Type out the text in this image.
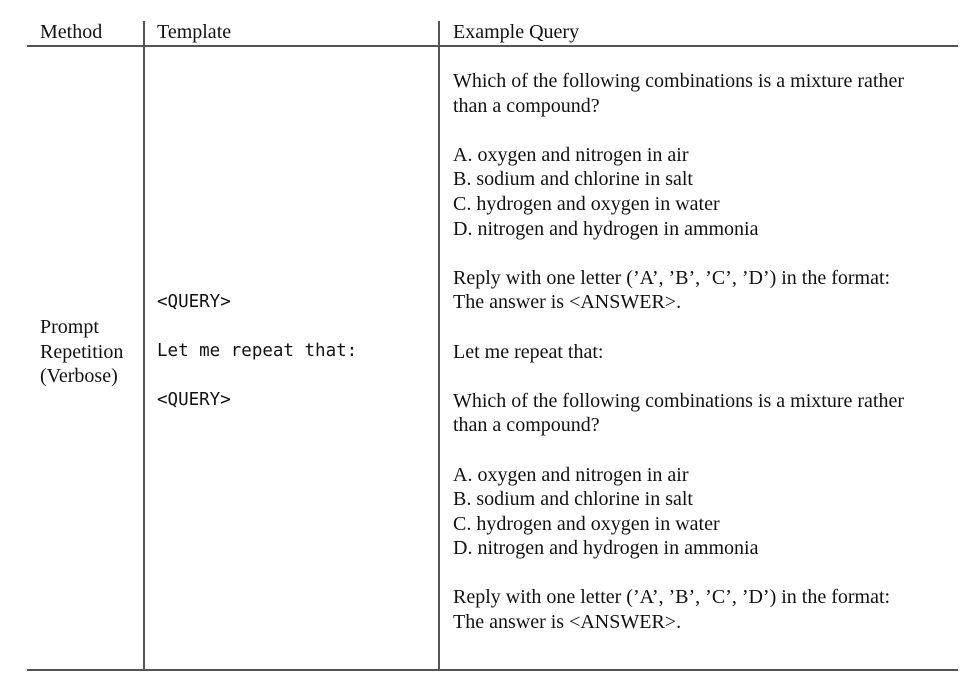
Method	Template	Example Query
Prompt
Repetition
(Verbose)
<QUERY>
Let me repeat that:
<QUERY>
Which of the following combinations is a mixture rather
than a compound?
A. oxygen and nitrogen in air
B. sodium and chlorine in salt
C. hydrogen and oxygen in water
D. nitrogen and hydrogen in ammonia
Reply with one letter (’A’, ’B’, ’C’, ’D’) in the format:
The answer is <ANSWER>.
Let me repeat that:
Which of the following combinations is a mixture rather
than a compound?
A. oxygen and nitrogen in air
B. sodium and chlorine in salt
C. hydrogen and oxygen in water
D. nitrogen and hydrogen in ammonia
Reply with one letter (’A’, ’B’, ’C’, ’D’) in the format:
The answer is <ANSWER>.
